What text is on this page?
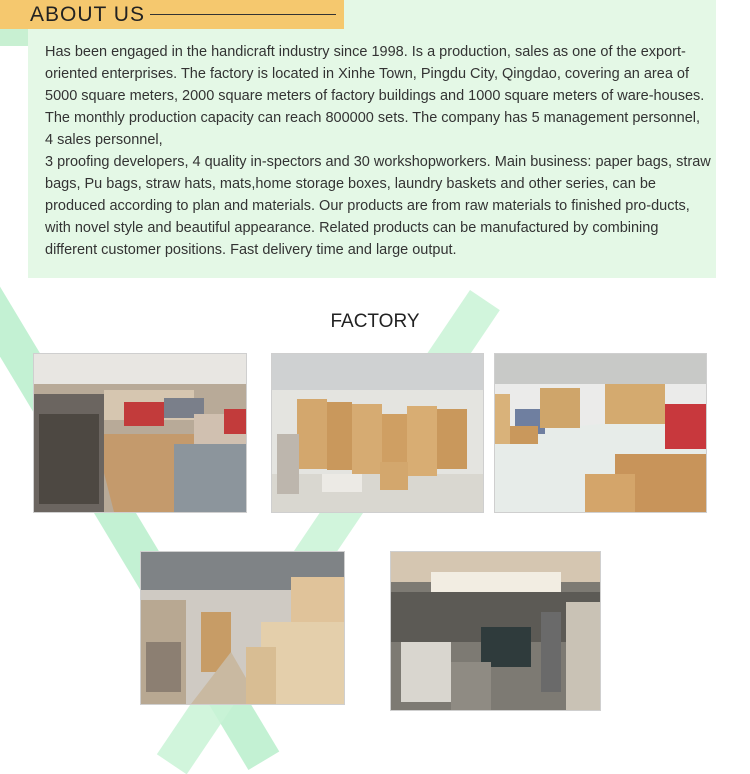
ABOUT US

Has been engaged in the handicraft industry since 1998. Is a production, sales as one of the export-oriented enterprises. The factory is located in Xinhe Town, Pingdu City, Qingdao, covering an area of 5000 square meters, 2000 square meters of factory buildings and 1000 square meters of ware-houses. The monthly production capacity can reach 800000 sets. The company has 5 management personnel, 4 sales personnel,

3 proofing developers, 4 quality in-spectors and 30 workshopworkers. Main business: paper bags, straw bags, Pu bags, straw hats, mats,home storage boxes, laundry baskets and other series, can be produced according to plan and materials. Our products are from raw materials to finished pro-ducts, with novel style and beautiful appearance. Related products can be manufactured by combining different customer positions. Fast delivery time and large output.

FACTORY
